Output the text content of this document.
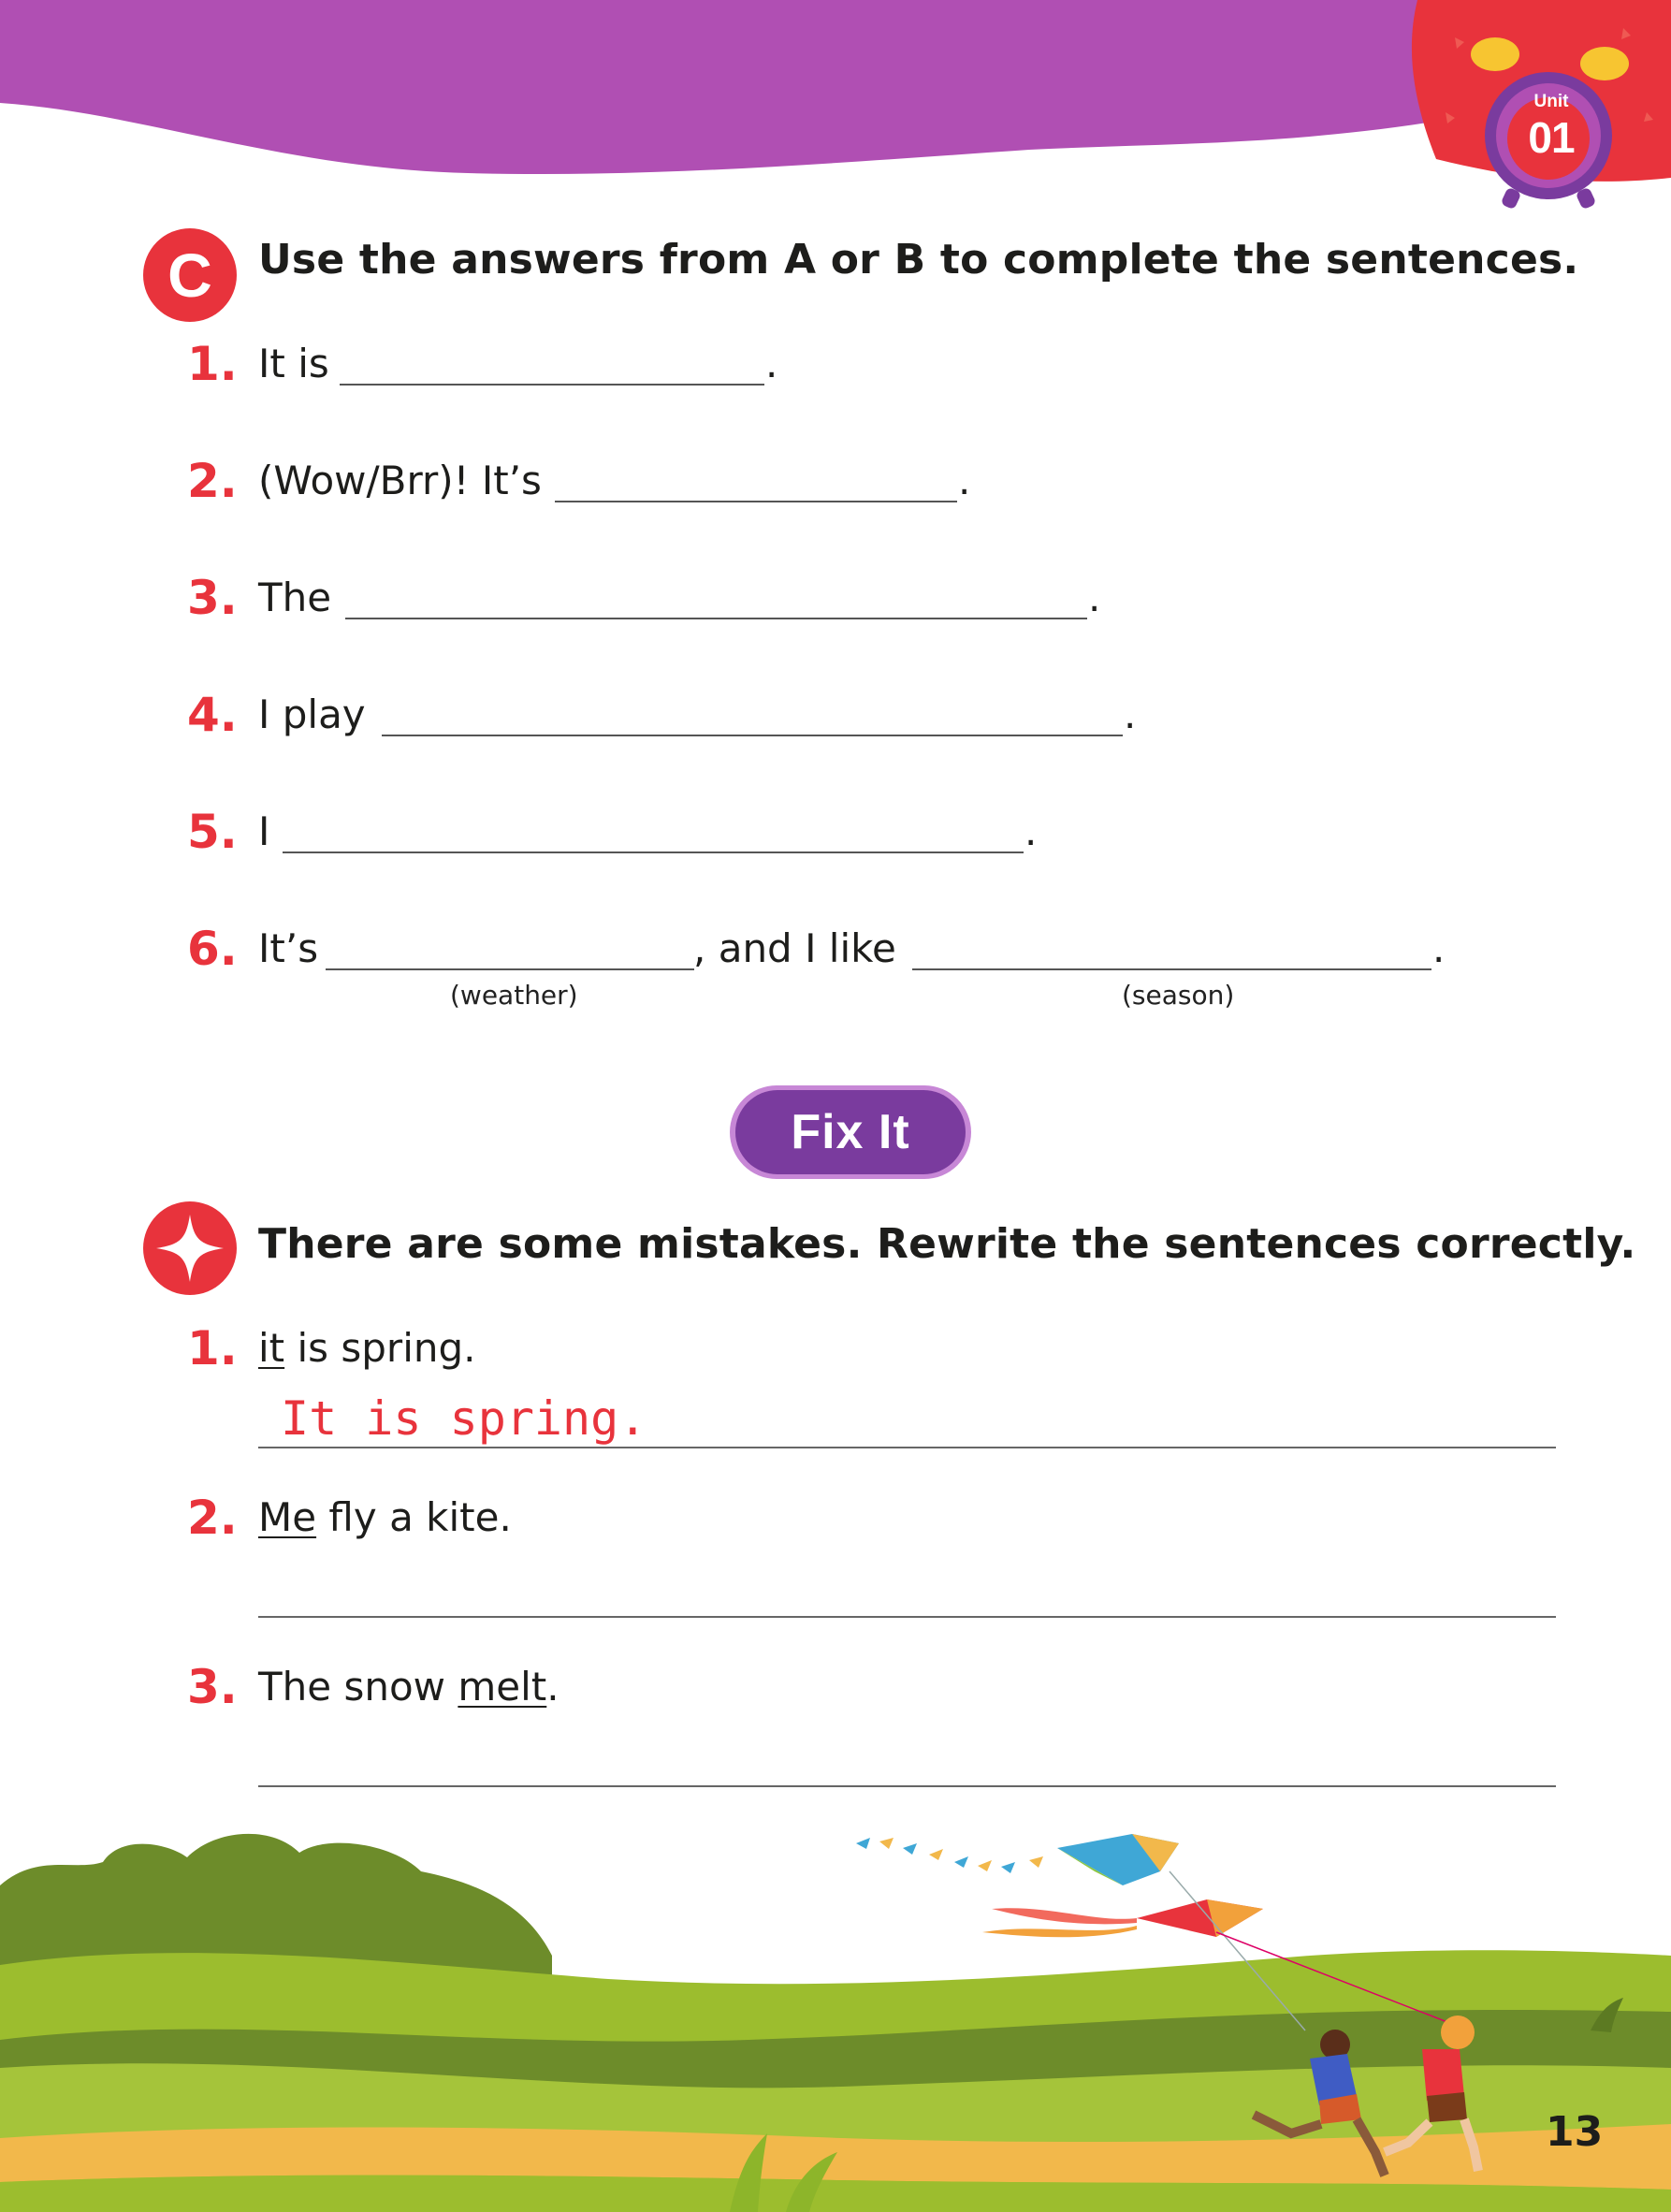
Unit
01
C	Use the answers from A or B to complete the sentences.
1. It is	.
2. (Wow/Brr)! It’s	.
3. The	.
4. I play	.
5. I	.
6. It’s	, and I like	.
(weather)	(season)
Fix It
There are some mistakes. Rewrite the sentences correctly.
1. it is spring.
It is spring.
2. Me fly a kite.
3. The snow melt.
13
